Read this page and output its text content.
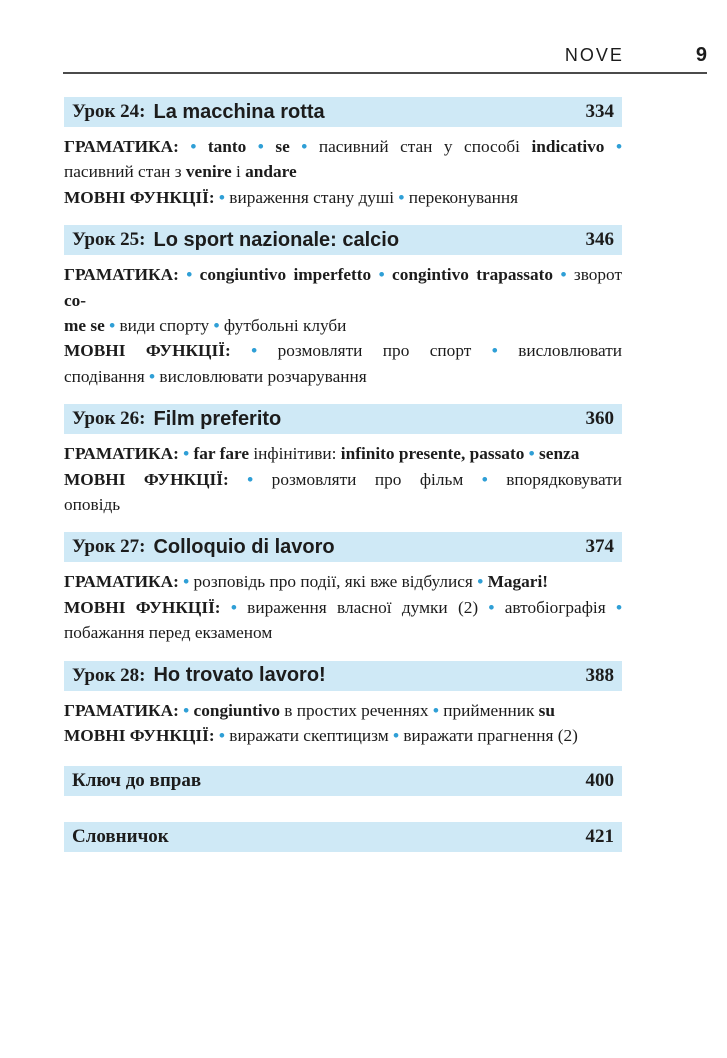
NOVE	9
Урок 24: La macchina rotta	334
ГРАМАТИКА: • tanto • se • пасивний стан у способі indicativo •
пасивний стан з venire і andare
МОВНІ ФУНКЦІЇ: • вираження стану душі • переконування
Урок 25: Lo sport nazionale: calcio	346
ГРАМАТИКА: • congiuntivo imperfetto • congintivo trapassato • зворот co-
me se • види спорту • футбольні клуби
МОВНІ ФУНКЦІЇ: • розмовляти про спорт • висловлювати
сподівання • висловлювати розчарування
Урок 26: Film preferito	360
ГРАМАТИКА: • far fare інфінітиви: infinito presente, passato • senza
МОВНІ ФУНКЦІЇ: • розмовляти про фільм • впорядковувати
оповідь
Урок 27: Colloquio di lavoro	374
ГРАМАТИКА: • розповідь про події, які вже відбулися • Magari!
МОВНІ ФУНКЦІЇ: • вираження власної думки (2) • автобіографія •
побажання перед екзаменом
Урок 28: Ho trovato lavoro!	388
ГРАМАТИКА: • congiuntivo в простих реченнях • прийменник su
МОВНІ ФУНКЦІЇ: • виражати скептицизм • виражати прагнення (2)
Ключ до вправ	400
Словничок	421
